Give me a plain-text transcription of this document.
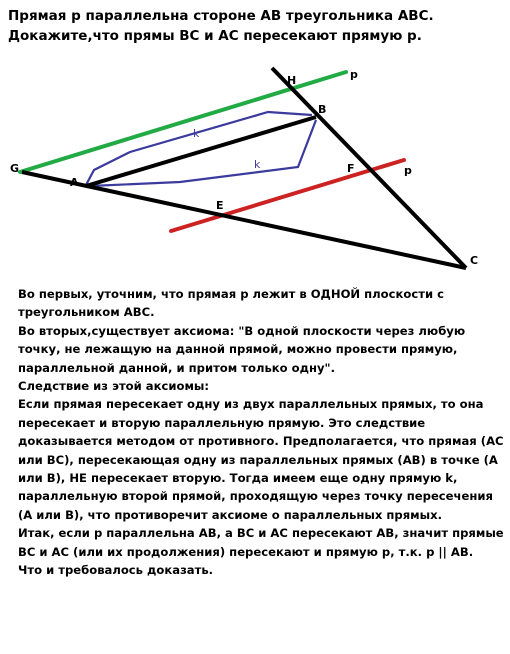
Прямая p параллельна стороне AB треугольника ABC.
Докажите,что прямы BC и AC пересекают прямую p.
G
A
B
C
H
F
E
p
p
k
k

Во первых, уточним, что прямая p лежит в ОДНОЙ плоскости с треугольником ABC.

Во вторых,существует аксиома: "В одной плоскости через любую точку, не лежащую на данной прямой, можно провести прямую, параллельной данной, и притом только одну".

Следствие из этой аксиомы:

Если прямая пересекает одну из двух параллельных прямых, то она пересекает и вторую параллельную прямую. Это следствие доказывается методом от противного. Предполагается, что прямая (AC или BC), пересекающая одну из параллельных прямых (AB) в точке (A или B), НЕ пересекает вторую. Тогда имеем еще одну прямую k, параллельную второй прямой, проходящую через точку пересечения (A или B), что противоречит аксиоме о параллельных прямых.

Итак, если p параллельна AB, а BC и AC пересекают AB, значит прямые BC и AC (или их продолжения) пересекают и прямую p, т.к. p || AB.

Что и требовалось доказать.
